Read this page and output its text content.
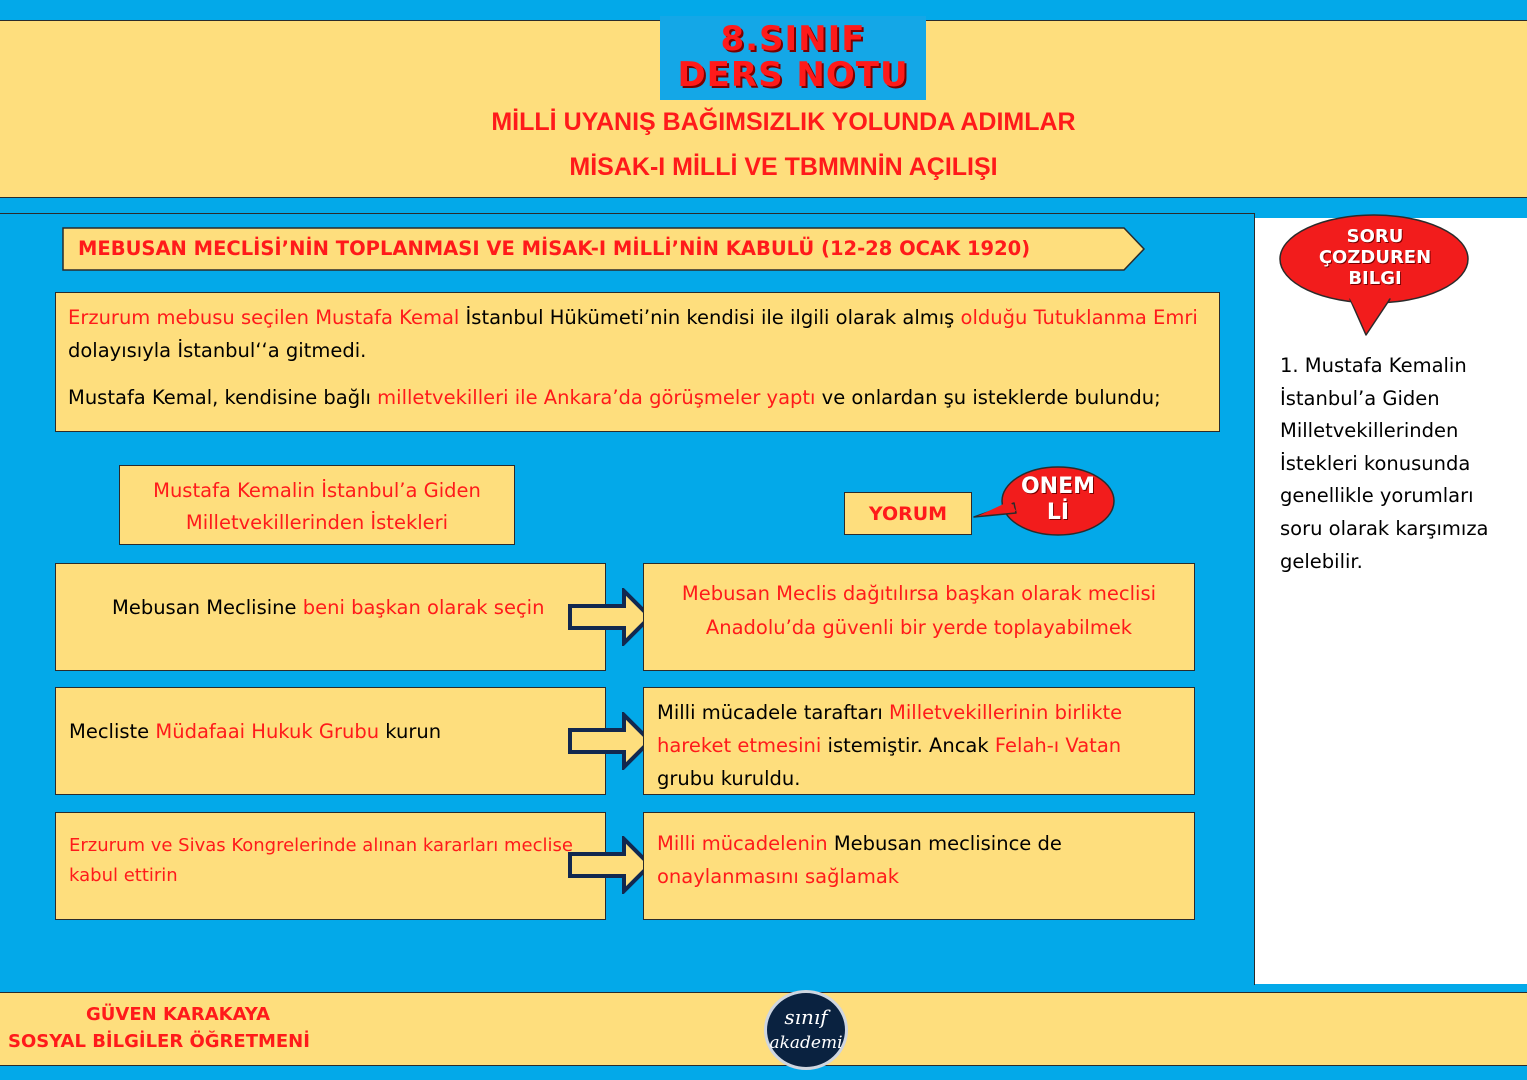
8.SINIF
DERS NOTU
MİLLİ UYANIŞ BAĞIMSIZLIK YOLUNDA ADIMLAR
MİSAK-I MİLLİ VE TBMMNİN AÇILIŞI
MEBUSAN MECLİSİ’NİN TOPLANMASI VE MİSAK-I MİLLİ’NİN KABULÜ (12-28 OCAK 1920)

Erzurum mebusu seçilen Mustafa Kemal İstanbul Hükümeti’nin kendisi ile ilgili olarak almış olduğu Tutuklanma Emri dolayısıyla İstanbul‘‘a gitmedi.

Mustafa Kemal, kendisine bağlı milletvekilleri ile Ankara’da görüşmeler yaptı ve onlardan şu isteklerde bulundu;

Mustafa Kemalin İstanbul’a Giden
Milletvekillerinden İstekleri	YORUM
ONEM
Lİ
Mebusan Meclisine beni başkan olarak seçin
Mebusan Meclis dağıtılırsa başkan olarak meclisi
Anadolu’da güvenli bir yerde toplayabilmek
Mecliste Müdafaai Hukuk Grubu kurun
Milli mücadele taraftarı Milletvekillerinin birlikte
hareket etmesini istemiştir. Ancak Felah-ı Vatan
grubu kuruldu.
Erzurum ve Sivas Kongrelerinde alınan kararları meclise
kabul ettirin
Milli mücadelenin Mebusan meclisince de
onaylanmasını sağlamak
SORU
ÇOZDUREN
BILGI
1. Mustafa Kemalin İstanbul’a Giden Milletvekillerinden İstekleri konusunda genellikle yorumları soru olarak karşımıza gelebilir.
GÜVEN KARAKAYA
SOSYAL BİLGİLER ÖĞRETMENİ
sınıf
akademi
